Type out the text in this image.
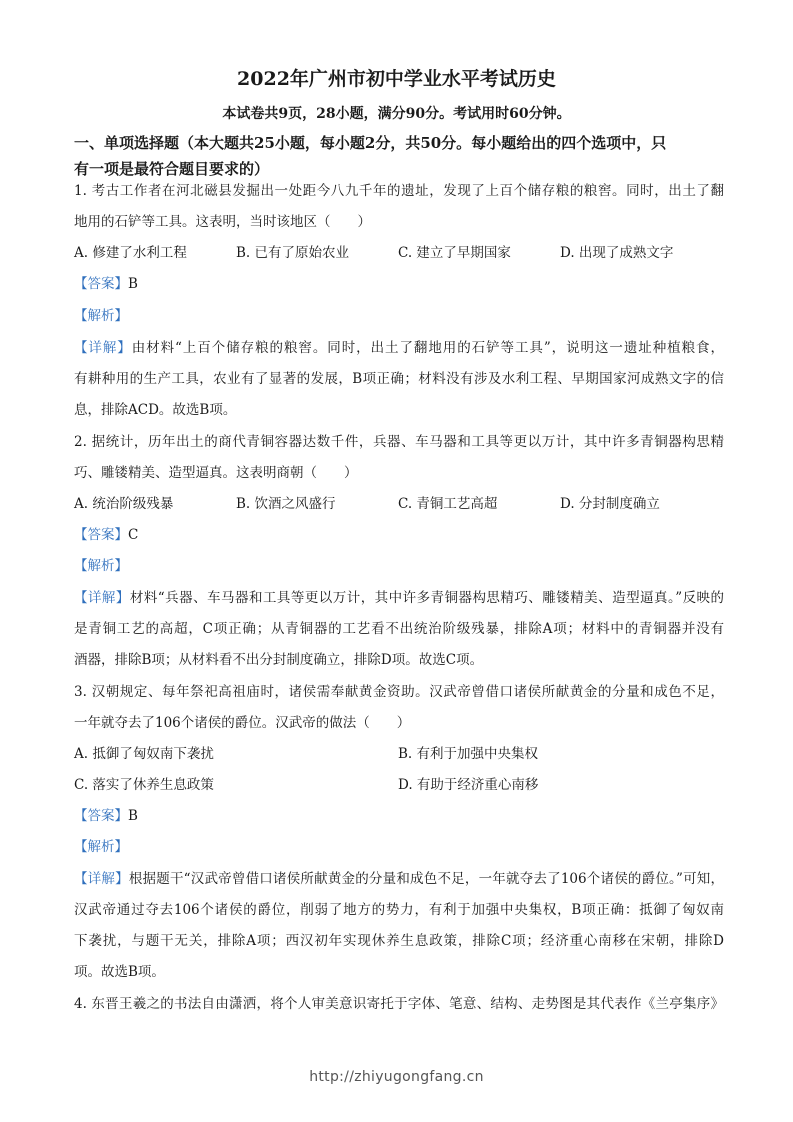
2022年广州市初中学业水平考试历史

本试卷共9页，28小题，满分90分。考试用时60分钟。

一、单项选择题（本大题共25小题，每小题2分，共50分。每小题给出的四个选项中，只
有一项是最符合题目要求的）

1. 考古工作者在河北磁县发掘出一处距今八九千年的遗址，发现了上百个储存粮的粮窖。同时，出土了翻

地用的石铲等工具。这表明，当时该地区（　　）

A. 修建了水利工程	B. 已有了原始农业	C. 建立了早期国家	D. 出现了成熟文字

【答案】B

【解析】

【详解】由材料“上百个储存粮的粮窖。同时，出土了翻地用的石铲等工具”，说明这一遗址种植粮食，

有耕种用的生产工具，农业有了显著的发展，B项正确；材料没有涉及水利工程、早期国家河成熟文字的信

息，排除ACD。故选B项。

2. 据统计，历年出土的商代青铜容器达数千件，兵器、车马器和工具等更以万计，其中许多青铜器构思精

巧、雕镂精美、造型逼真。这表明商朝（　　）

A. 统治阶级残暴	B. 饮酒之风盛行	C. 青铜工艺高超	D. 分封制度确立

【答案】C

【解析】

【详解】材料“兵器、车马器和工具等更以万计，其中许多青铜器构思精巧、雕镂精美、造型逼真。”反映的

是青铜工艺的高超，C项正确；从青铜器的工艺看不出统治阶级残暴，排除A项；材料中的青铜器并没有

酒器，排除B项；从材料看不出分封制度确立，排除D项。故选C项。

3. 汉朝规定、每年祭祀高祖庙时，诸侯需奉献黄金资助。汉武帝曾借口诸侯所献黄金的分量和成色不足，

一年就夺去了106个诸侯的爵位。汉武帝的做法（　　）

A. 抵御了匈奴南下袭扰	B. 有利于加强中央集权
C. 落实了休养生息政策	D. 有助于经济重心南移

【答案】B

【解析】

【详解】根据题干“汉武帝曾借口诸侯所献黄金的分量和成色不足，一年就夺去了106个诸侯的爵位。”可知，

汉武帝通过夺去106个诸侯的爵位，削弱了地方的势力，有利于加强中央集权，B项正确：抵御了匈奴南

下袭扰，与题干无关，排除A项；西汉初年实现休养生息政策，排除C项；经济重心南移在宋朝，排除D

项。故选B项。

4. 东晋王羲之的书法自由潇洒，将个人审美意识寄托于字体、笔意、结构、走势图是其代表作《兰亭集序》

http://zhiyugongfang.cn
